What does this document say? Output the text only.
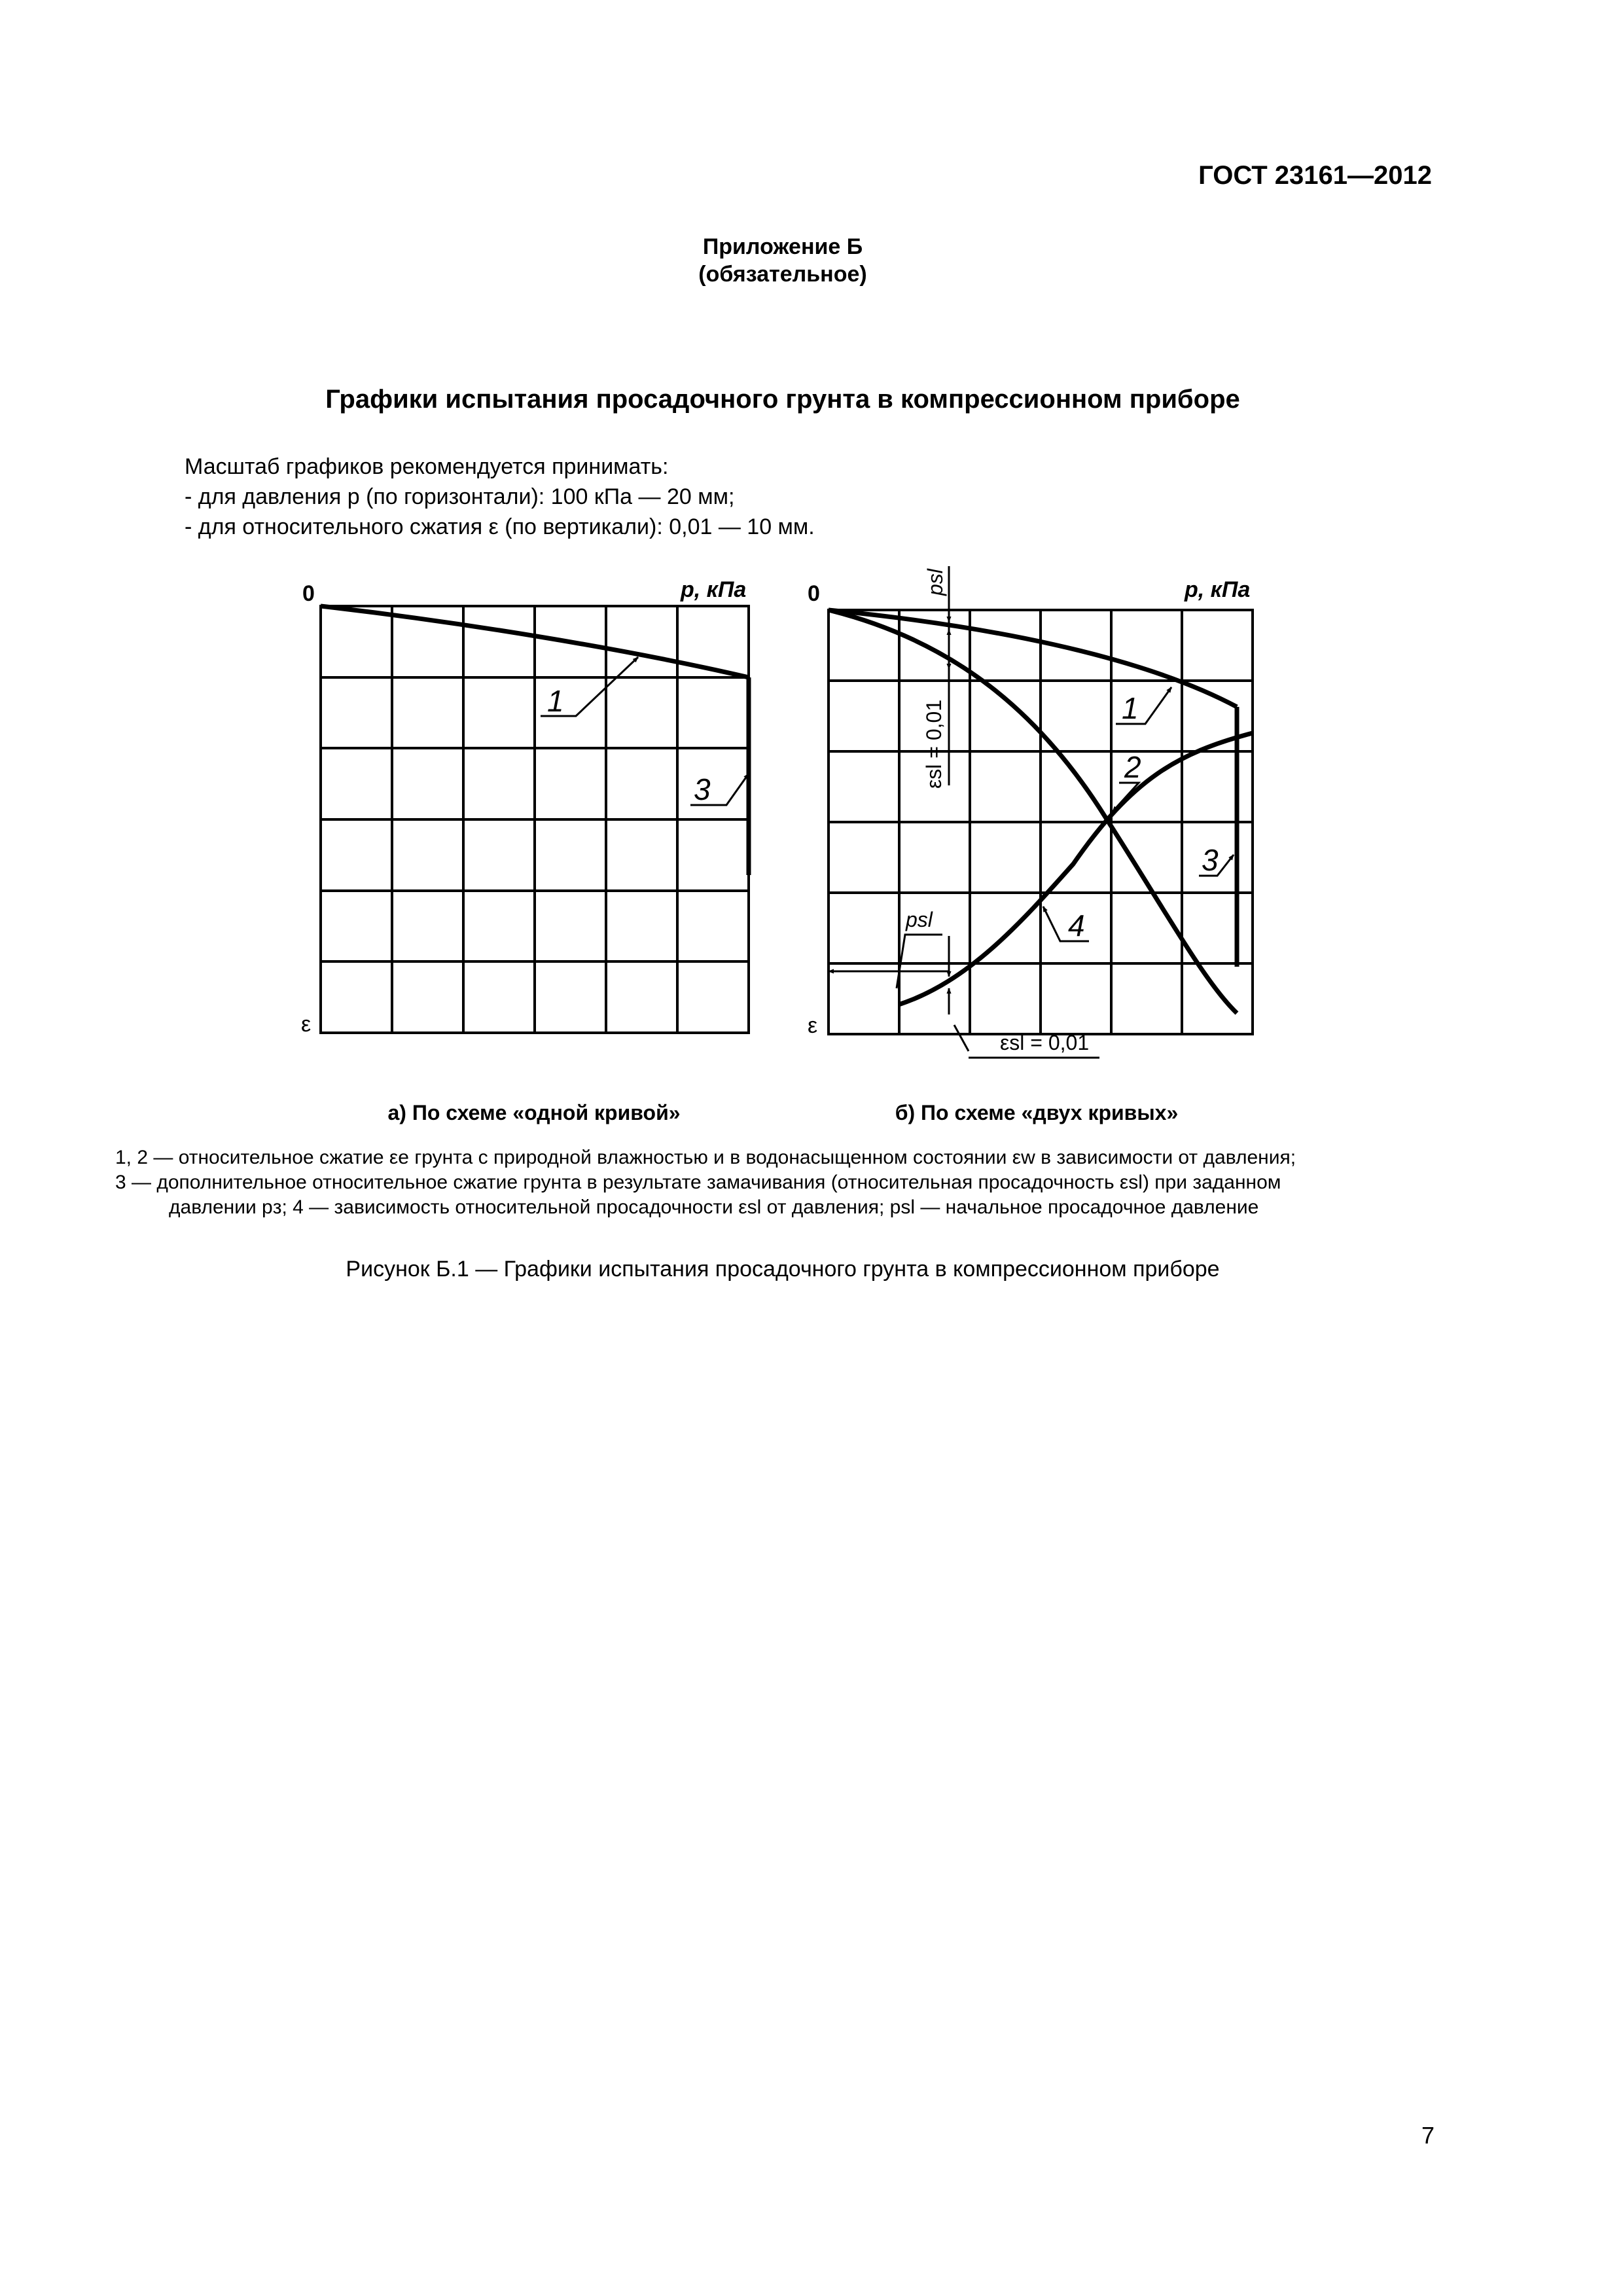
ГОСТ 23161—2012
Приложение Б
(обязательное)
Графики испытания просадочного грунта в компрессионном приборе
Масштаб графиков рекомендуется принимать:
- для давления p (по горизонтали): 100 кПа — 20 мм;
- для относительного сжатия ε (по вертикали): 0,01 — 10 мм.
0	p, кПа
ε
1
3
а) По схеме «одной кривой»
0	p, кПа
ε
psl
εsl = 0,01
psl
εsl = 0,01
1
2
3
4
б) По схеме «двух кривых»
1, 2 — относительное сжатие εe грунта с природной влажностью и в водонасыщенном состоянии εw в зависимости от давления;
3 — дополнительное относительное сжатие грунта в результате замачивания (относительная просадочность εsl) при заданном
давлении pз; 4 — зависимость относительной просадочности εsl от давления; psl — начальное просадочное давление
Рисунок Б.1 — Графики испытания просадочного грунта в компрессионном приборе
7
